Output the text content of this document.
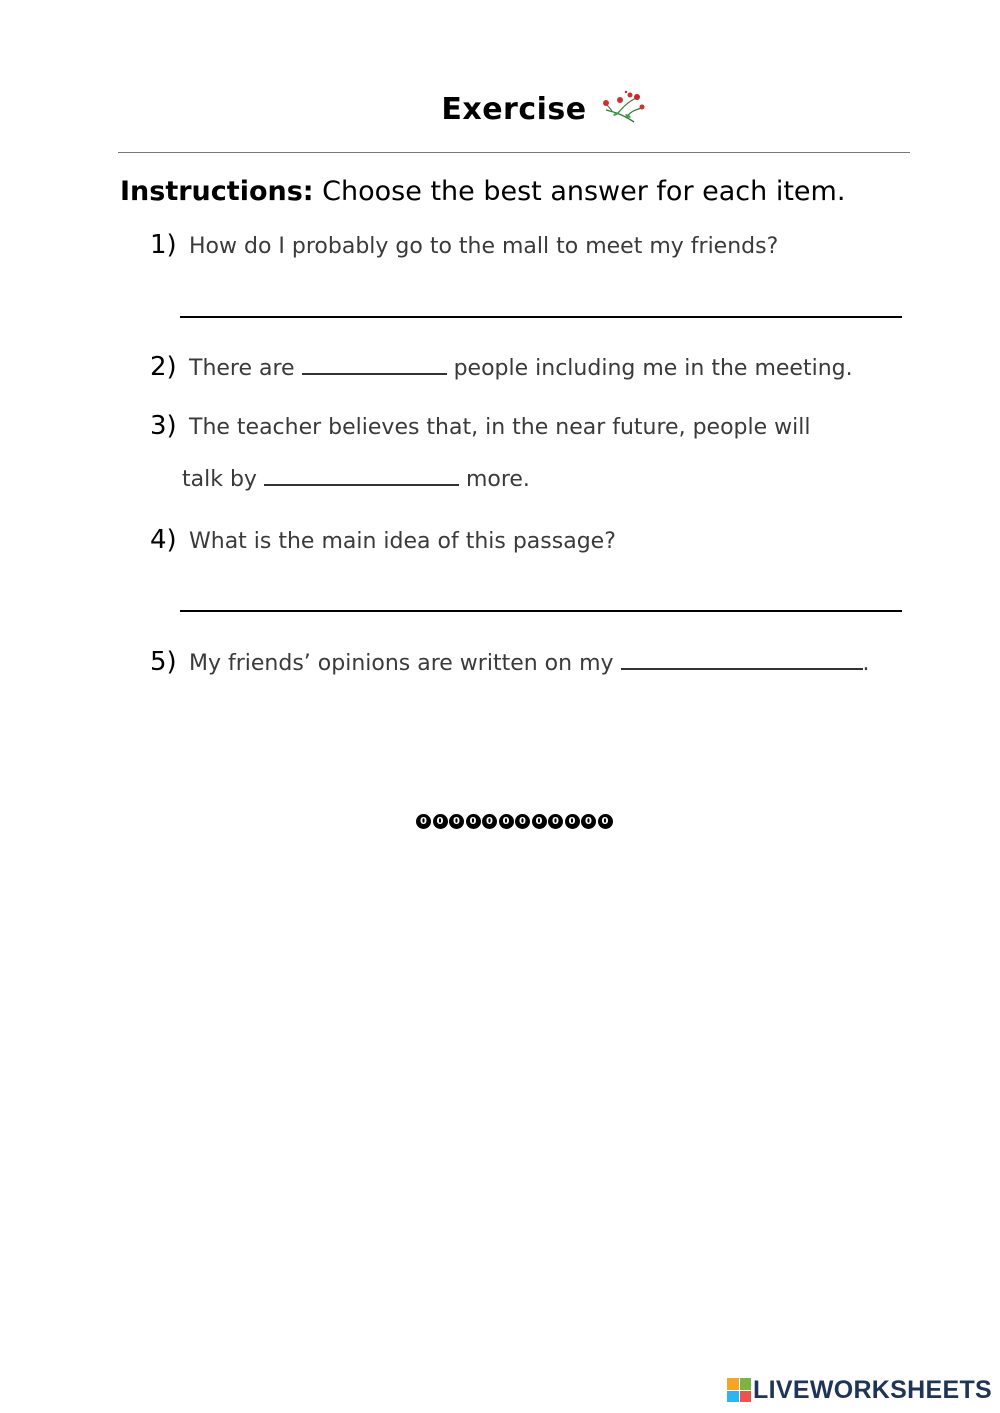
Exercise
Instructions: Choose the best answer for each item.
1) How do I probably go to the mall to meet my friends?
2) There are	people including me in the meeting.
3) The teacher believes that, in the near future, people will
talk by	more.
4) What is the main idea of this passage?
5) My friends’ opinions are written on my	.
0 0 0 0 0 0 0 0 0 0 0 0
LIVEWORKSHEETS
